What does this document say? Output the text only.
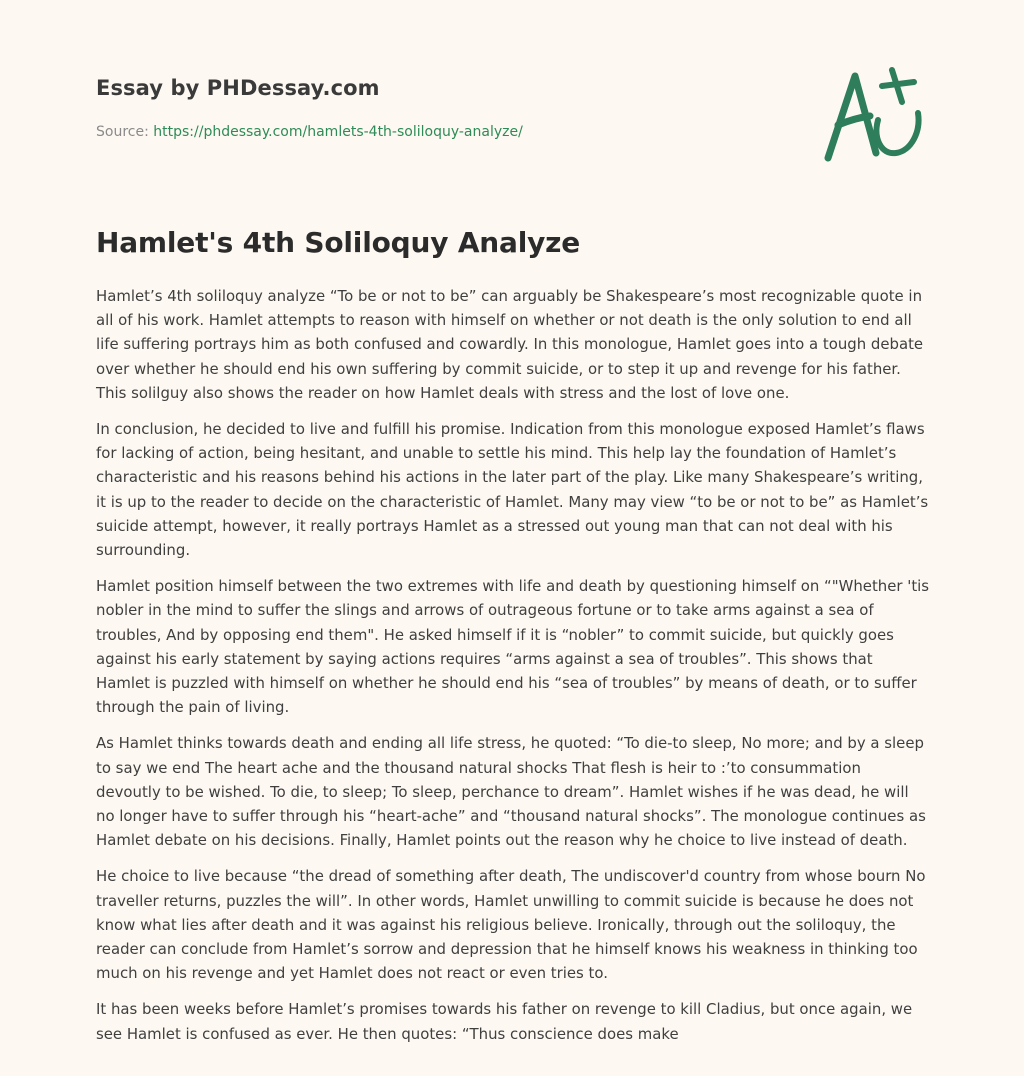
Essay by PHDessay.com
Source: https://phdessay.com/hamlets-4th-soliloquy-analyze/
Hamlet's 4th Soliloquy Analyze

Hamlet’s 4th soliloquy analyze “To be or not to be” can arguably be Shakespeare’s most recognizable quote in all of his work. Hamlet attempts to reason with himself on whether or not death is the only solution to end all life suffering portrays him as both confused and cowardly. In this monologue, Hamlet goes into a tough debate over whether he should end his own suffering by commit suicide, or to step it up and revenge for his father. This solilguy also shows the reader on how Hamlet deals with stress and the lost of love one.

In conclusion, he decided to live and fulfill his promise. Indication from this monologue exposed Hamlet’s flaws for lacking of action, being hesitant, and unable to settle his mind. This help lay the foundation of Hamlet’s characteristic and his reasons behind his actions in the later part of the play. Like many Shakespeare’s writing, it is up to the reader to decide on the characteristic of Hamlet. Many may view “to be or not to be” as Hamlet’s suicide attempt, however, it really portrays Hamlet as a stressed out young man that can not deal with his surrounding.

Hamlet position himself between the two extremes with life and death by questioning himself on “"Whether 'tis nobler in the mind to suffer the slings and arrows of outrageous fortune or to take arms against a sea of troubles, And by opposing end them". He asked himself if it is “nobler” to commit suicide, but quickly goes against his early statement by saying actions requires “arms against a sea of troubles”. This shows that Hamlet is puzzled with himself on whether he should end his “sea of troubles” by means of death, or to suffer through the pain of living.

As Hamlet thinks towards death and ending all life stress, he quoted: “To die-to sleep, No more; and by a sleep to say we end The heart ache and the thousand natural shocks That flesh is heir to :’to consummation devoutly to be wished. To die, to sleep; To sleep, perchance to dream”. Hamlet wishes if he was dead, he will no longer have to suffer through his “heart-ache” and “thousand natural shocks”. The monologue continues as Hamlet debate on his decisions. Finally, Hamlet points out the reason why he choice to live instead of death.

He choice to live because “the dread of something after death, The undiscover'd country from whose bourn No traveller returns, puzzles the will”. In other words, Hamlet unwilling to commit suicide is because he does not know what lies after death and it was against his religious believe. Ironically, through out the soliloquy, the reader can conclude from Hamlet’s sorrow and depression that he himself knows his weakness in thinking too much on his revenge and yet Hamlet does not react or even tries to.

It has been weeks before Hamlet’s promises towards his father on revenge to kill Cladius, but once again, we see Hamlet is confused as ever. He then quotes: “Thus conscience does make
